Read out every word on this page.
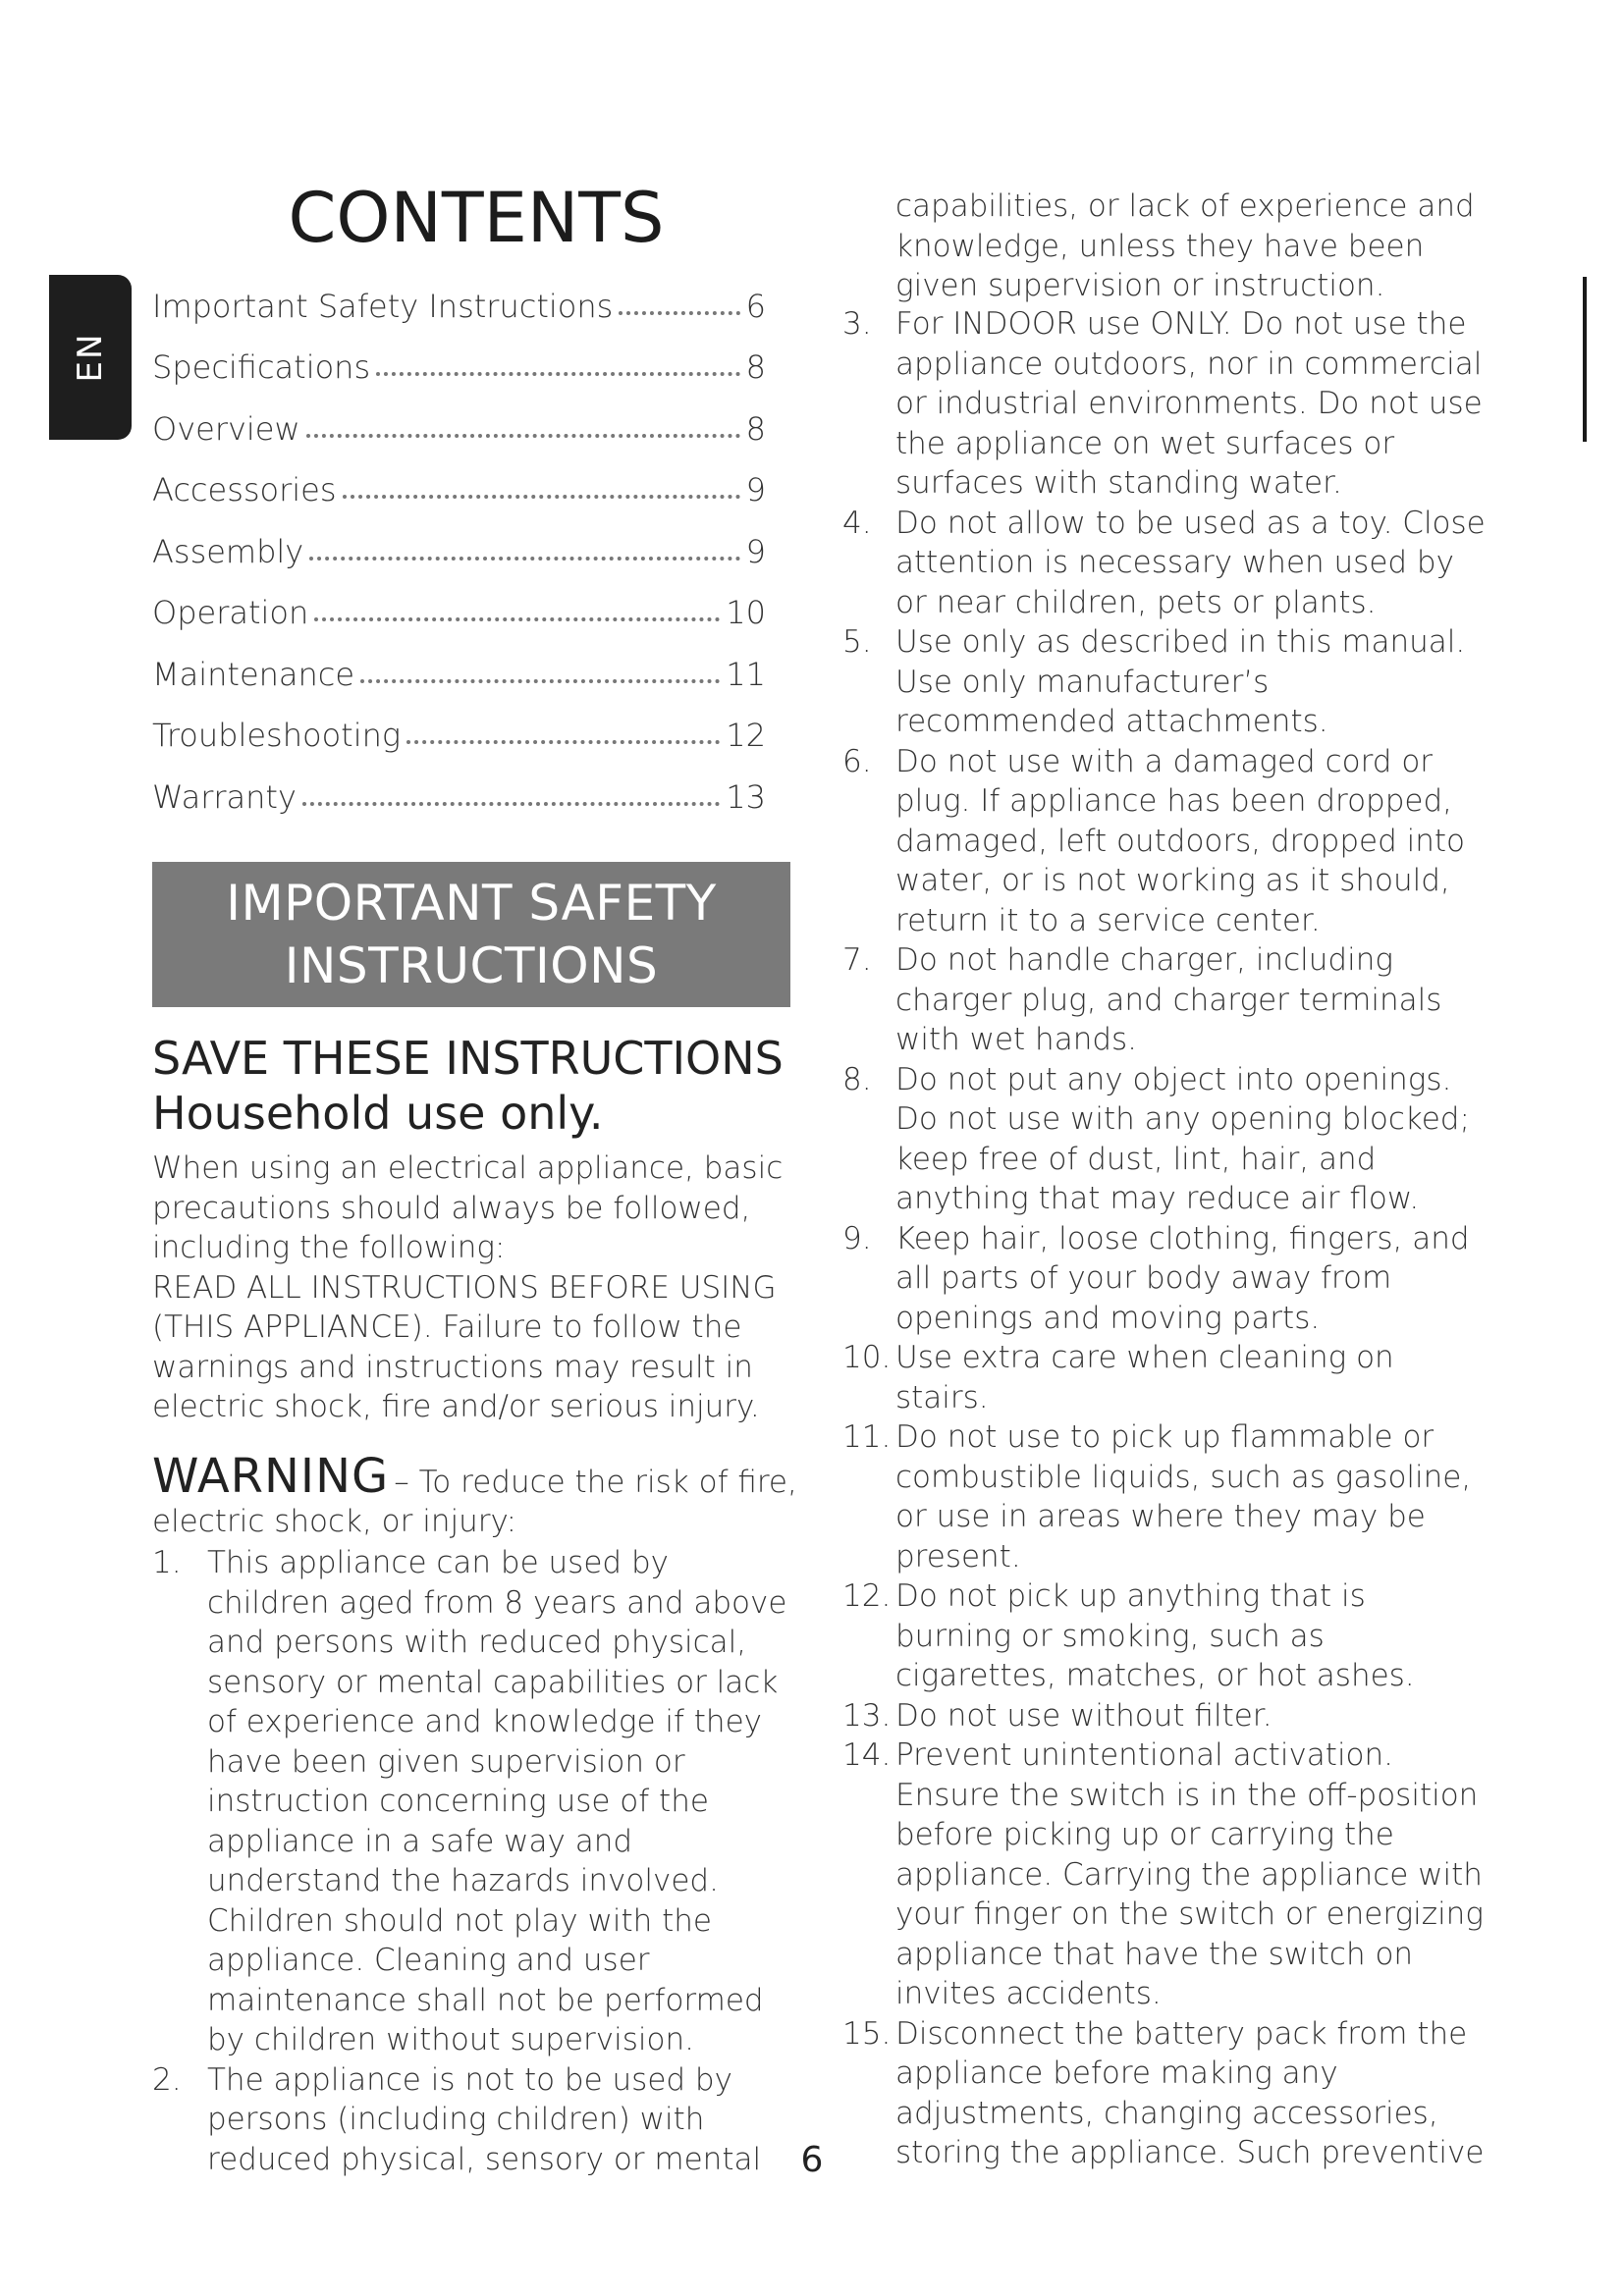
EN
CONTENTS
Important Safety Instructions	6
Specifications	8
Overview	8
Accessories	9
Assembly	9
Operation	10
Maintenance	11
Troubleshooting	12
Warranty	13
IMPORTANT SAFETY
INSTRUCTIONS
SAVE THESE INSTRUCTIONS
Household use only.
When using an electrical appliance, basic precautions should always be followed, including the following:
READ ALL INSTRUCTIONS BEFORE USING (THIS APPLIANCE). Failure to follow the warnings and instructions may result in electric shock, fire and/or serious injury.
WARNING – To reduce the risk of fire,
electric shock, or injury:
1. This appliance can be used by children aged from 8 years and above and persons with reduced physical, sensory or mental capabilities or lack of experience and knowledge if they have been given supervision or instruction concerning use of the appliance in a safe way and understand the hazards involved. Children should not play with the appliance. Cleaning and user maintenance shall not be performed by children without supervision.
2. The appliance is not to be used by persons (including children) with reduced physical, sensory or mental
capabilities, or lack of experience and knowledge, unless they have been given supervision or instruction.
3. For INDOOR use ONLY. Do not use the appliance outdoors, nor in commercial or industrial environments. Do not use the appliance on wet surfaces or surfaces with standing water.
4. Do not allow to be used as a toy. Close attention is necessary when used by or near children, pets or plants.
5. Use only as described in this manual. Use only manufacturer’s recommended attachments.
6. Do not use with a damaged cord or plug. If appliance has been dropped, damaged, left outdoors, dropped into water, or is not working as it should, return it to a service center.
7. Do not handle charger, including charger plug, and charger terminals with wet hands.
8. Do not put any object into openings. Do not use with any opening blocked; keep free of dust, lint, hair, and anything that may reduce air flow.
9. Keep hair, loose clothing, fingers, and all parts of your body away from openings and moving parts.
10. Use extra care when cleaning on stairs.
11. Do not use to pick up flammable or combustible liquids, such as gasoline, or use in areas where they may be present.
12. Do not pick up anything that is burning or smoking, such as cigarettes, matches, or hot ashes.
13. Do not use without filter.
14. Prevent unintentional activation. Ensure the switch is in the off-position before picking up or carrying the appliance. Carrying the appliance with your finger on the switch or energizing appliance that have the switch on invites accidents.
15. Disconnect the battery pack from the appliance before making any adjustments, changing accessories, storing the appliance. Such preventive
6
